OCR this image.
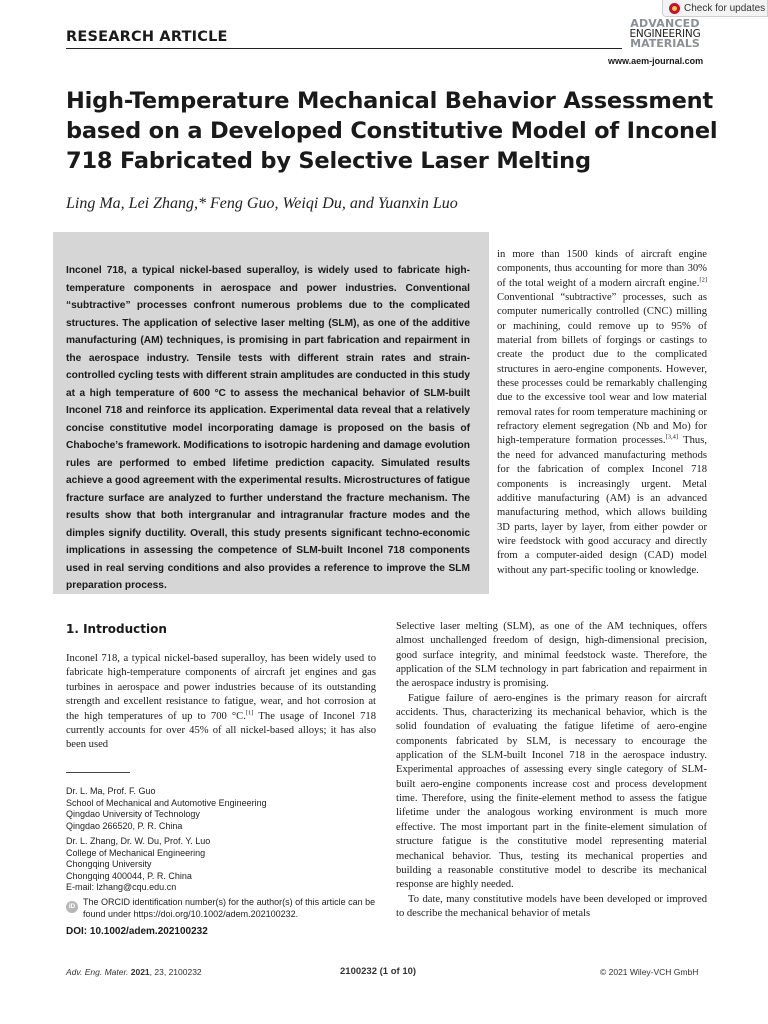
RESEARCH ARTICLE
Check for updates
ADVANCED
ENGINEERING
MATERIALS
www.aem-journal.com
High-Temperature Mechanical Behavior Assessment based on a Developed Constitutive Model of Inconel 718 Fabricated by Selective Laser Melting
Ling Ma, Lei Zhang,* Feng Guo, Weiqi Du, and Yuanxin Luo
Inconel 718, a typical nickel-based superalloy, is widely used to fabricate high-temperature components in aerospace and power industries. Conventional “subtractive” processes confront numerous problems due to the complicated structures. The application of selective laser melting (SLM), as one of the additive manufacturing (AM) techniques, is promising in part fabrication and repairment in the aerospace industry. Tensile tests with different strain rates and strain-controlled cycling tests with different strain amplitudes are conducted in this study at a high temperature of 600 °C to assess the mechanical behavior of SLM-built Inconel 718 and reinforce its application. Experimental data reveal that a relatively concise constitutive model incorporating damage is proposed on the basis of Chaboche’s framework. Modifications to isotropic hardening and damage evolution rules are performed to embed lifetime prediction capacity. Simulated results achieve a good agreement with the experimental results. Microstructures of fatigue fracture surface are analyzed to further understand the fracture mechanism. The results show that both intergranular and intragranular fracture modes and the dimples signify ductility. Overall, this study presents significant techno-economic implications in assessing the competence of SLM-built Inconel 718 components used in real serving conditions and also provides a reference to improve the SLM preparation process.

in more than 1500 kinds of aircraft engine components, thus accounting for more than 30% of the total weight of a modern aircraft engine.[2] Conventional “subtractive” processes, such as computer numerically controlled (CNC) milling or machining, could remove up to 95% of material from billets of forgings or castings to create the product due to the complicated structures in aero-engine components. However, these processes could be remarkably challenging due to the excessive tool wear and low material removal rates for room temperature machining or refractory element segregation (Nb and Mo) for high-temperature formation processes.[3,4] Thus, the need for advanced manufacturing methods for the fabrication of complex Inconel 718 components is increasingly urgent. Metal additive manufacturing (AM) is an advanced manufacturing method, which allows building 3D parts, layer by layer, from either powder or wire feedstock with good accuracy and directly from a computer-aided design (CAD) model without any part-specific tooling or knowledge.

Selective laser melting (SLM), as one of the AM techniques, offers almost unchallenged freedom of design, high-dimensional precision, good surface integrity, and minimal feedstock waste. Therefore, the application of the SLM technology in part fabrication and repairment in the aerospace industry is promising.

Fatigue failure of aero-engines is the primary reason for aircraft accidents. Thus, characterizing its mechanical behavior, which is the solid foundation of evaluating the fatigue lifetime of aero-engine components fabricated by SLM, is necessary to encourage the application of the SLM-built Inconel 718 in the aerospace industry. Experimental approaches of assessing every single category of SLM-built aero-engine components increase cost and process development time. Therefore, using the finite-element method to assess the fatigue lifetime under the analogous working environment is much more effective. The most important part in the finite-element simulation of structure fatigue is the constitutive model representing material mechanical behavior. Thus, testing its mechanical properties and building a reasonable constitutive model to describe its mechanical response are highly needed.

To date, many constitutive models have been developed or improved to describe the mechanical behavior of metals

1. Introduction

Inconel 718, a typical nickel-based superalloy, has been widely used to fabricate high-temperature components of aircraft jet engines and gas turbines in aerospace and power industries because of its outstanding strength and excellent resistance to fatigue, wear, and hot corrosion at the high temperatures of up to 700 °C.[1] The usage of Inconel 718 currently accounts for over 45% of all nickel-based alloys; it has also been used

Dr. L. Ma, Prof. F. Guo
School of Mechanical and Automotive Engineering
Qingdao University of Technology
Qingdao 266520, P. R. China
Dr. L. Zhang, Dr. W. Du, Prof. Y. Luo
College of Mechanical Engineering
Chongqing University
Chongqing 400044, P. R. China
E-mail: lzhang@cqu.edu.cn
iD The ORCID identification number(s) for the author(s) of this article can be found under https://doi.org/10.1002/adem.202100232.
DOI: 10.1002/adem.202100232
Adv. Eng. Mater. 2021, 23, 2100232	2100232 (1 of 10)	© 2021 Wiley-VCH GmbH
